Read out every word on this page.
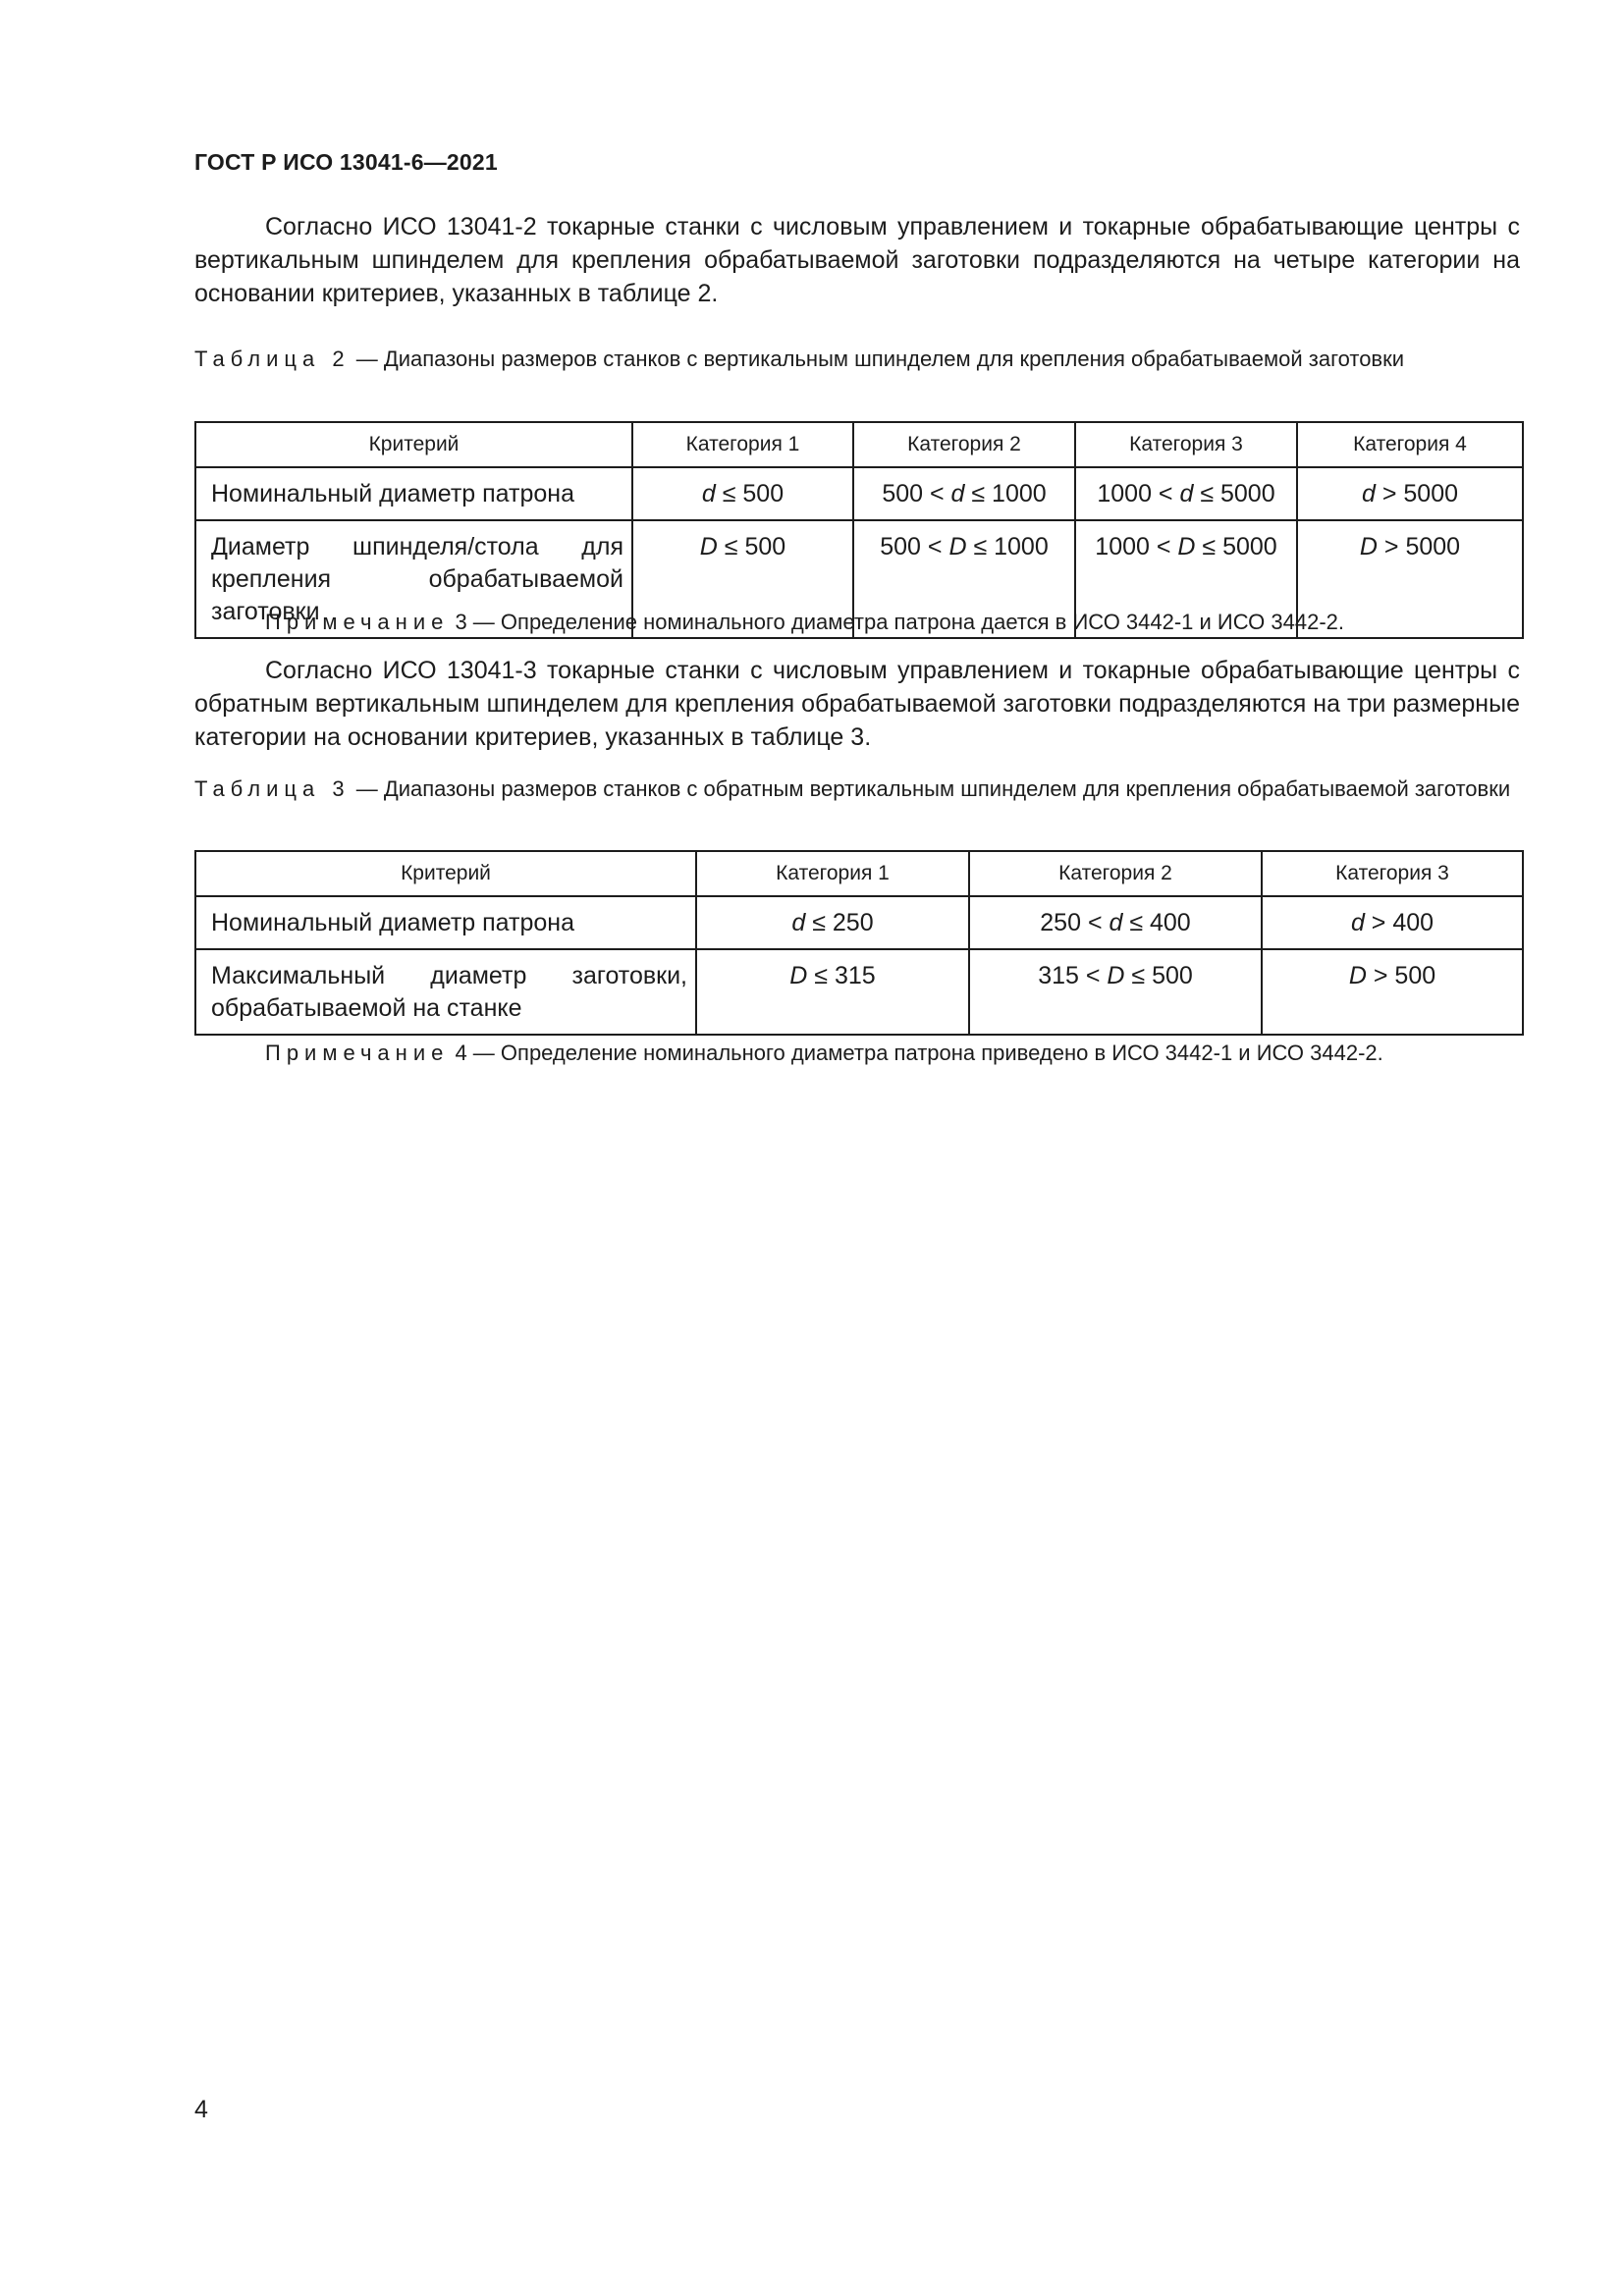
ГОСТ Р ИСО 13041-6—2021

Согласно ИСО 13041-2 токарные станки с числовым управлением и токарные обрабатывающие центры с вертикальным шпинделем для крепления обрабатываемой заготовки подразделяются на четыре категории на основании критериев, указанных в таблице 2.

Таблица 2 — Диапазоны размеров станков с вертикальным шпинделем для крепления обрабатываемой заготовки
Критерий	Категория 1	Категория 2	Категория 3	Категория 4
Номинальный диаметр патрона	d ≤ 500	500 < d ≤ 1000	1000 < d ≤ 5000	d > 5000
Диаметр шпинделя/стола для крепления обрабатываемой заготовки	D ≤ 500	500 < D ≤ 1000	1000 < D ≤ 5000	D > 5000
Примечание 3 — Определение номинального диаметра патрона дается в ИСО 3442-1 и ИСО 3442-2.

Согласно ИСО 13041-3 токарные станки с числовым управлением и токарные обрабатывающие центры с обратным вертикальным шпинделем для крепления обрабатываемой заготовки подразделяются на три размерные категории на основании критериев, указанных в таблице 3.

Таблица 3 — Диапазоны размеров станков с обратным вертикальным шпинделем для крепления обрабатываемой заготовки
Критерий	Категория 1	Категория 2	Категория 3
Номинальный диаметр патрона	d ≤ 250	250 < d ≤ 400	d > 400
Максимальный диаметр заготовки, обрабатываемой на станке	D ≤ 315	315 < D ≤ 500	D > 500
Примечание 4 — Определение номинального диаметра патрона приведено в ИСО 3442-1 и ИСО 3442-2.
4
